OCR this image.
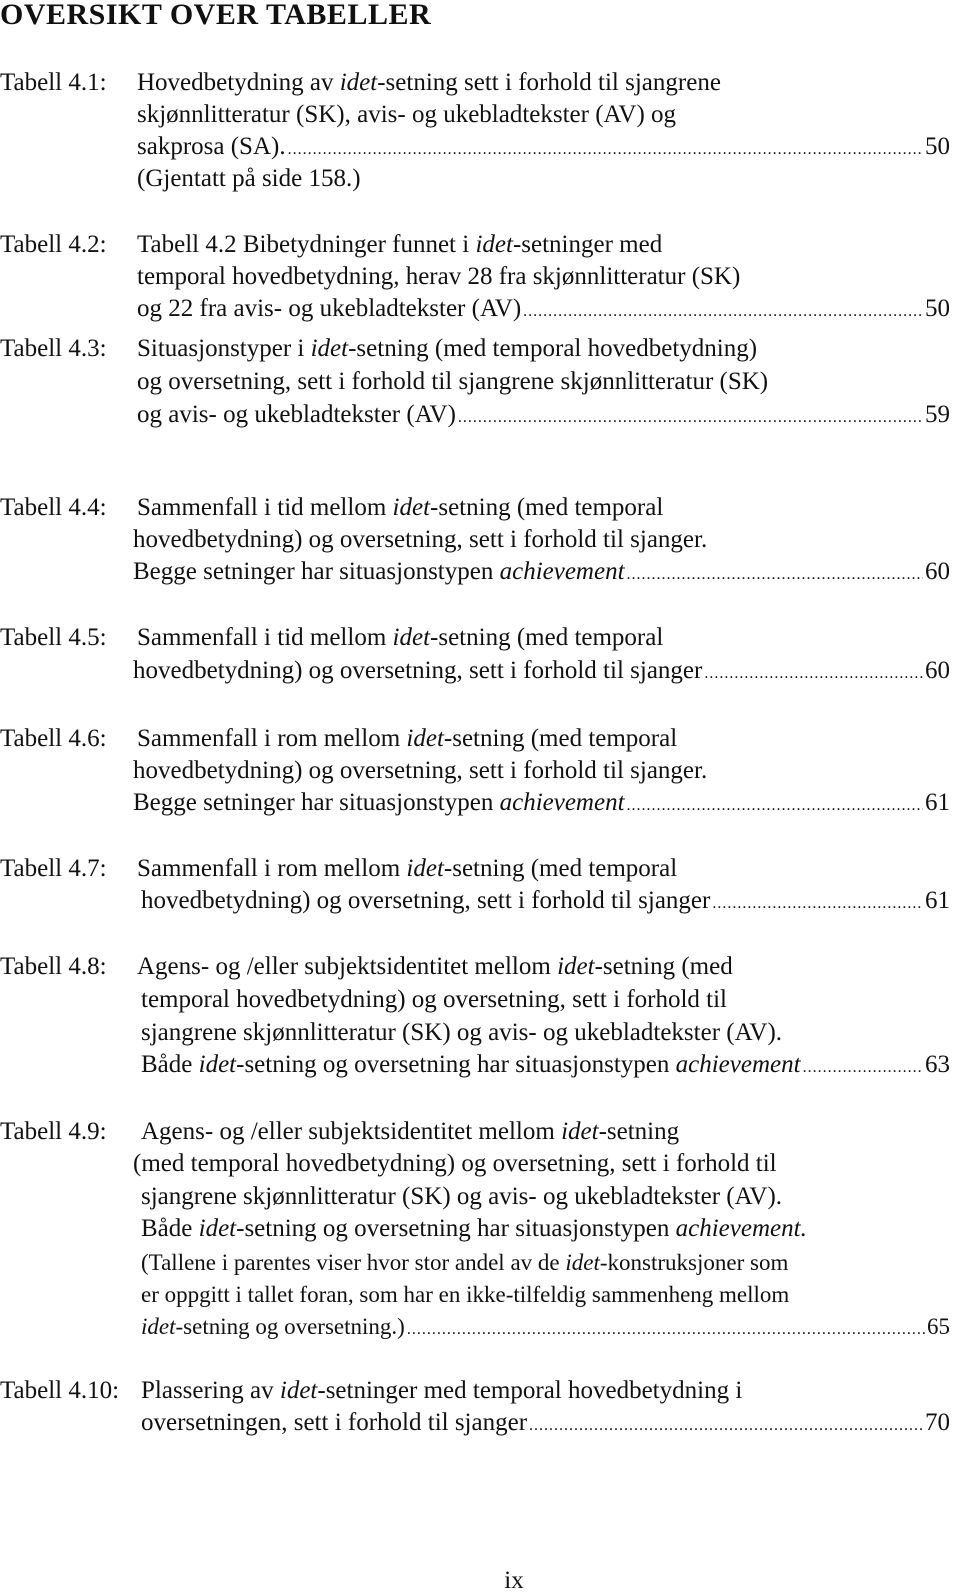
OVERSIKT OVER TABELLER
Tabell 4.1: Hovedbetydning av idet-setning sett i forhold til sjangrene
skjønnlitteratur (SK), avis- og ukebladtekster (AV) og
sakprosa (SA). .....	50
(Gjentatt på side 158.)
Tabell 4.2: Tabell 4.2 Bibetydninger funnet i idet-setninger med
temporal hovedbetydning, herav 28 fra skjønnlitteratur (SK)
og 22 fra avis- og ukebladtekster (AV) .....	50
Tabell 4.3: Situasjonstyper i idet-setning (med temporal hovedbetydning)
og oversetning, sett i forhold til sjangrene skjønnlitteratur (SK)
og avis- og ukebladtekster (AV) .....	59
Tabell 4.4: Sammenfall i tid mellom idet-setning (med temporal
hovedbetydning) og oversetning, sett i forhold til sjanger.
Begge setninger har situasjonstypen achievement .....	60
Tabell 4.5: Sammenfall i tid mellom idet-setning (med temporal
hovedbetydning) og oversetning, sett i forhold til sjanger .....	60
Tabell 4.6: Sammenfall i rom mellom idet-setning (med temporal
hovedbetydning) og oversetning, sett i forhold til sjanger.
Begge setninger har situasjonstypen achievement .....	61
Tabell 4.7: Sammenfall i rom mellom idet-setning (med temporal
hovedbetydning) og oversetning, sett i forhold til sjanger .....	61
Tabell 4.8: Agens- og /eller subjektsidentitet mellom idet-setning (med
temporal hovedbetydning) og oversetning, sett i forhold til
sjangrene skjønnlitteratur (SK) og avis- og ukebladtekster (AV).
Både idet-setning og oversetning har situasjonstypen achievement .....	63
Tabell 4.9: Agens- og /eller subjektsidentitet mellom idet-setning
(med temporal hovedbetydning) og oversetning, sett i forhold til
sjangrene skjønnlitteratur (SK) og avis- og ukebladtekster (AV).
Både idet-setning og oversetning har situasjonstypen achievement.
(Tallene i parentes viser hvor stor andel av de idet-konstruksjoner som
er oppgitt i tallet foran, som har en ikke-tilfeldig sammenheng mellom
idet-setning og oversetning.) .....	65
Tabell 4.10: Plassering av idet-setninger med temporal hovedbetydning i
oversetningen, sett i forhold til sjanger .....	70
ix
